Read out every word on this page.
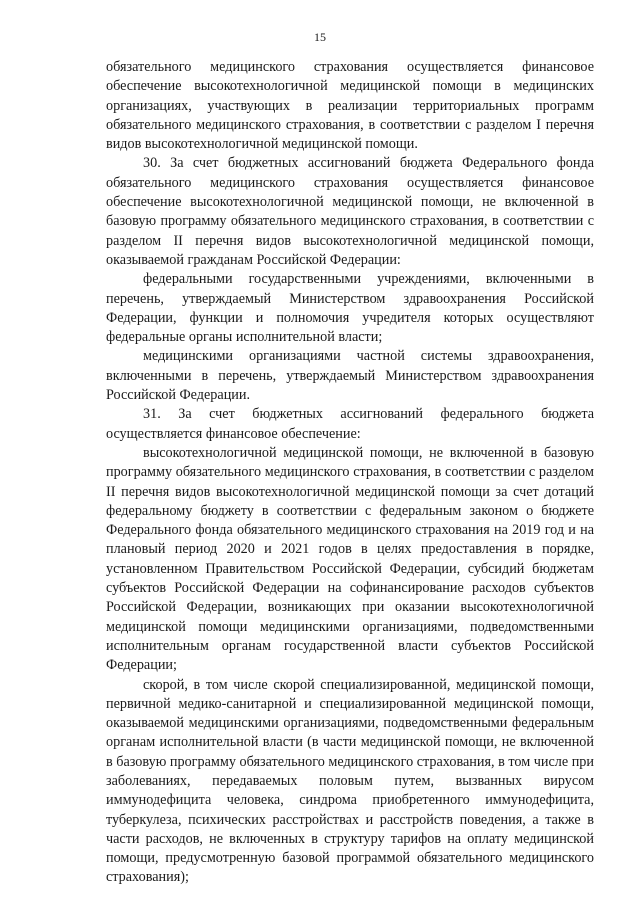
15

обязательного медицинского страхования осуществляется финансовое обеспечение высокотехнологичной медицинской помощи в медицинских организациях, участвующих в реализации территориальных программ обязательного медицинского страхования, в соответствии с разделом I перечня видов высокотехнологичной медицинской помощи.

30. За счет бюджетных ассигнований бюджета Федерального фонда обязательного медицинского страхования осуществляется финансовое обеспечение высокотехнологичной медицинской помощи, не включенной в базовую программу обязательного медицинского страхования, в соответствии с разделом II перечня видов высокотехнологичной медицинской помощи, оказываемой гражданам Российской Федерации:

федеральными государственными учреждениями, включенными в перечень, утверждаемый Министерством здравоохранения Российской Федерации, функции и полномочия учредителя которых осуществляют федеральные органы исполнительной власти;

медицинскими организациями частной системы здравоохранения, включенными в перечень, утверждаемый Министерством здравоохранения Российской Федерации.

31. За счет бюджетных ассигнований федерального бюджета осуществляется финансовое обеспечение:

высокотехнологичной медицинской помощи, не включенной в базовую программу обязательного медицинского страхования, в соответствии с разделом II перечня видов высокотехнологичной медицинской помощи за счет дотаций федеральному бюджету в соответствии с федеральным законом о бюджете Федерального фонда обязательного медицинского страхования на 2019 год и на плановый период 2020 и 2021 годов в целях предоставления в порядке, установленном Правительством Российской Федерации, субсидий бюджетам субъектов Российской Федерации на софинансирование расходов субъектов Российской Федерации, возникающих при оказании высокотехнологичной медицинской помощи медицинскими организациями, подведомственными исполнительным органам государственной власти субъектов Российской Федерации;

скорой, в том числе скорой специализированной, медицинской помощи, первичной медико-санитарной и специализированной медицинской помощи, оказываемой медицинскими организациями, подведомственными федеральным органам исполнительной власти (в части медицинской помощи, не включенной в базовую программу обязательного медицинского страхования, в том числе при заболеваниях, передаваемых половым путем, вызванных вирусом иммунодефицита человека, синдрома приобретенного иммунодефицита, туберкулеза, психических расстройствах и расстройств поведения, а также в части расходов, не включенных в структуру тарифов на оплату медицинской помощи, предусмотренную базовой программой обязательного медицинского страхования);
